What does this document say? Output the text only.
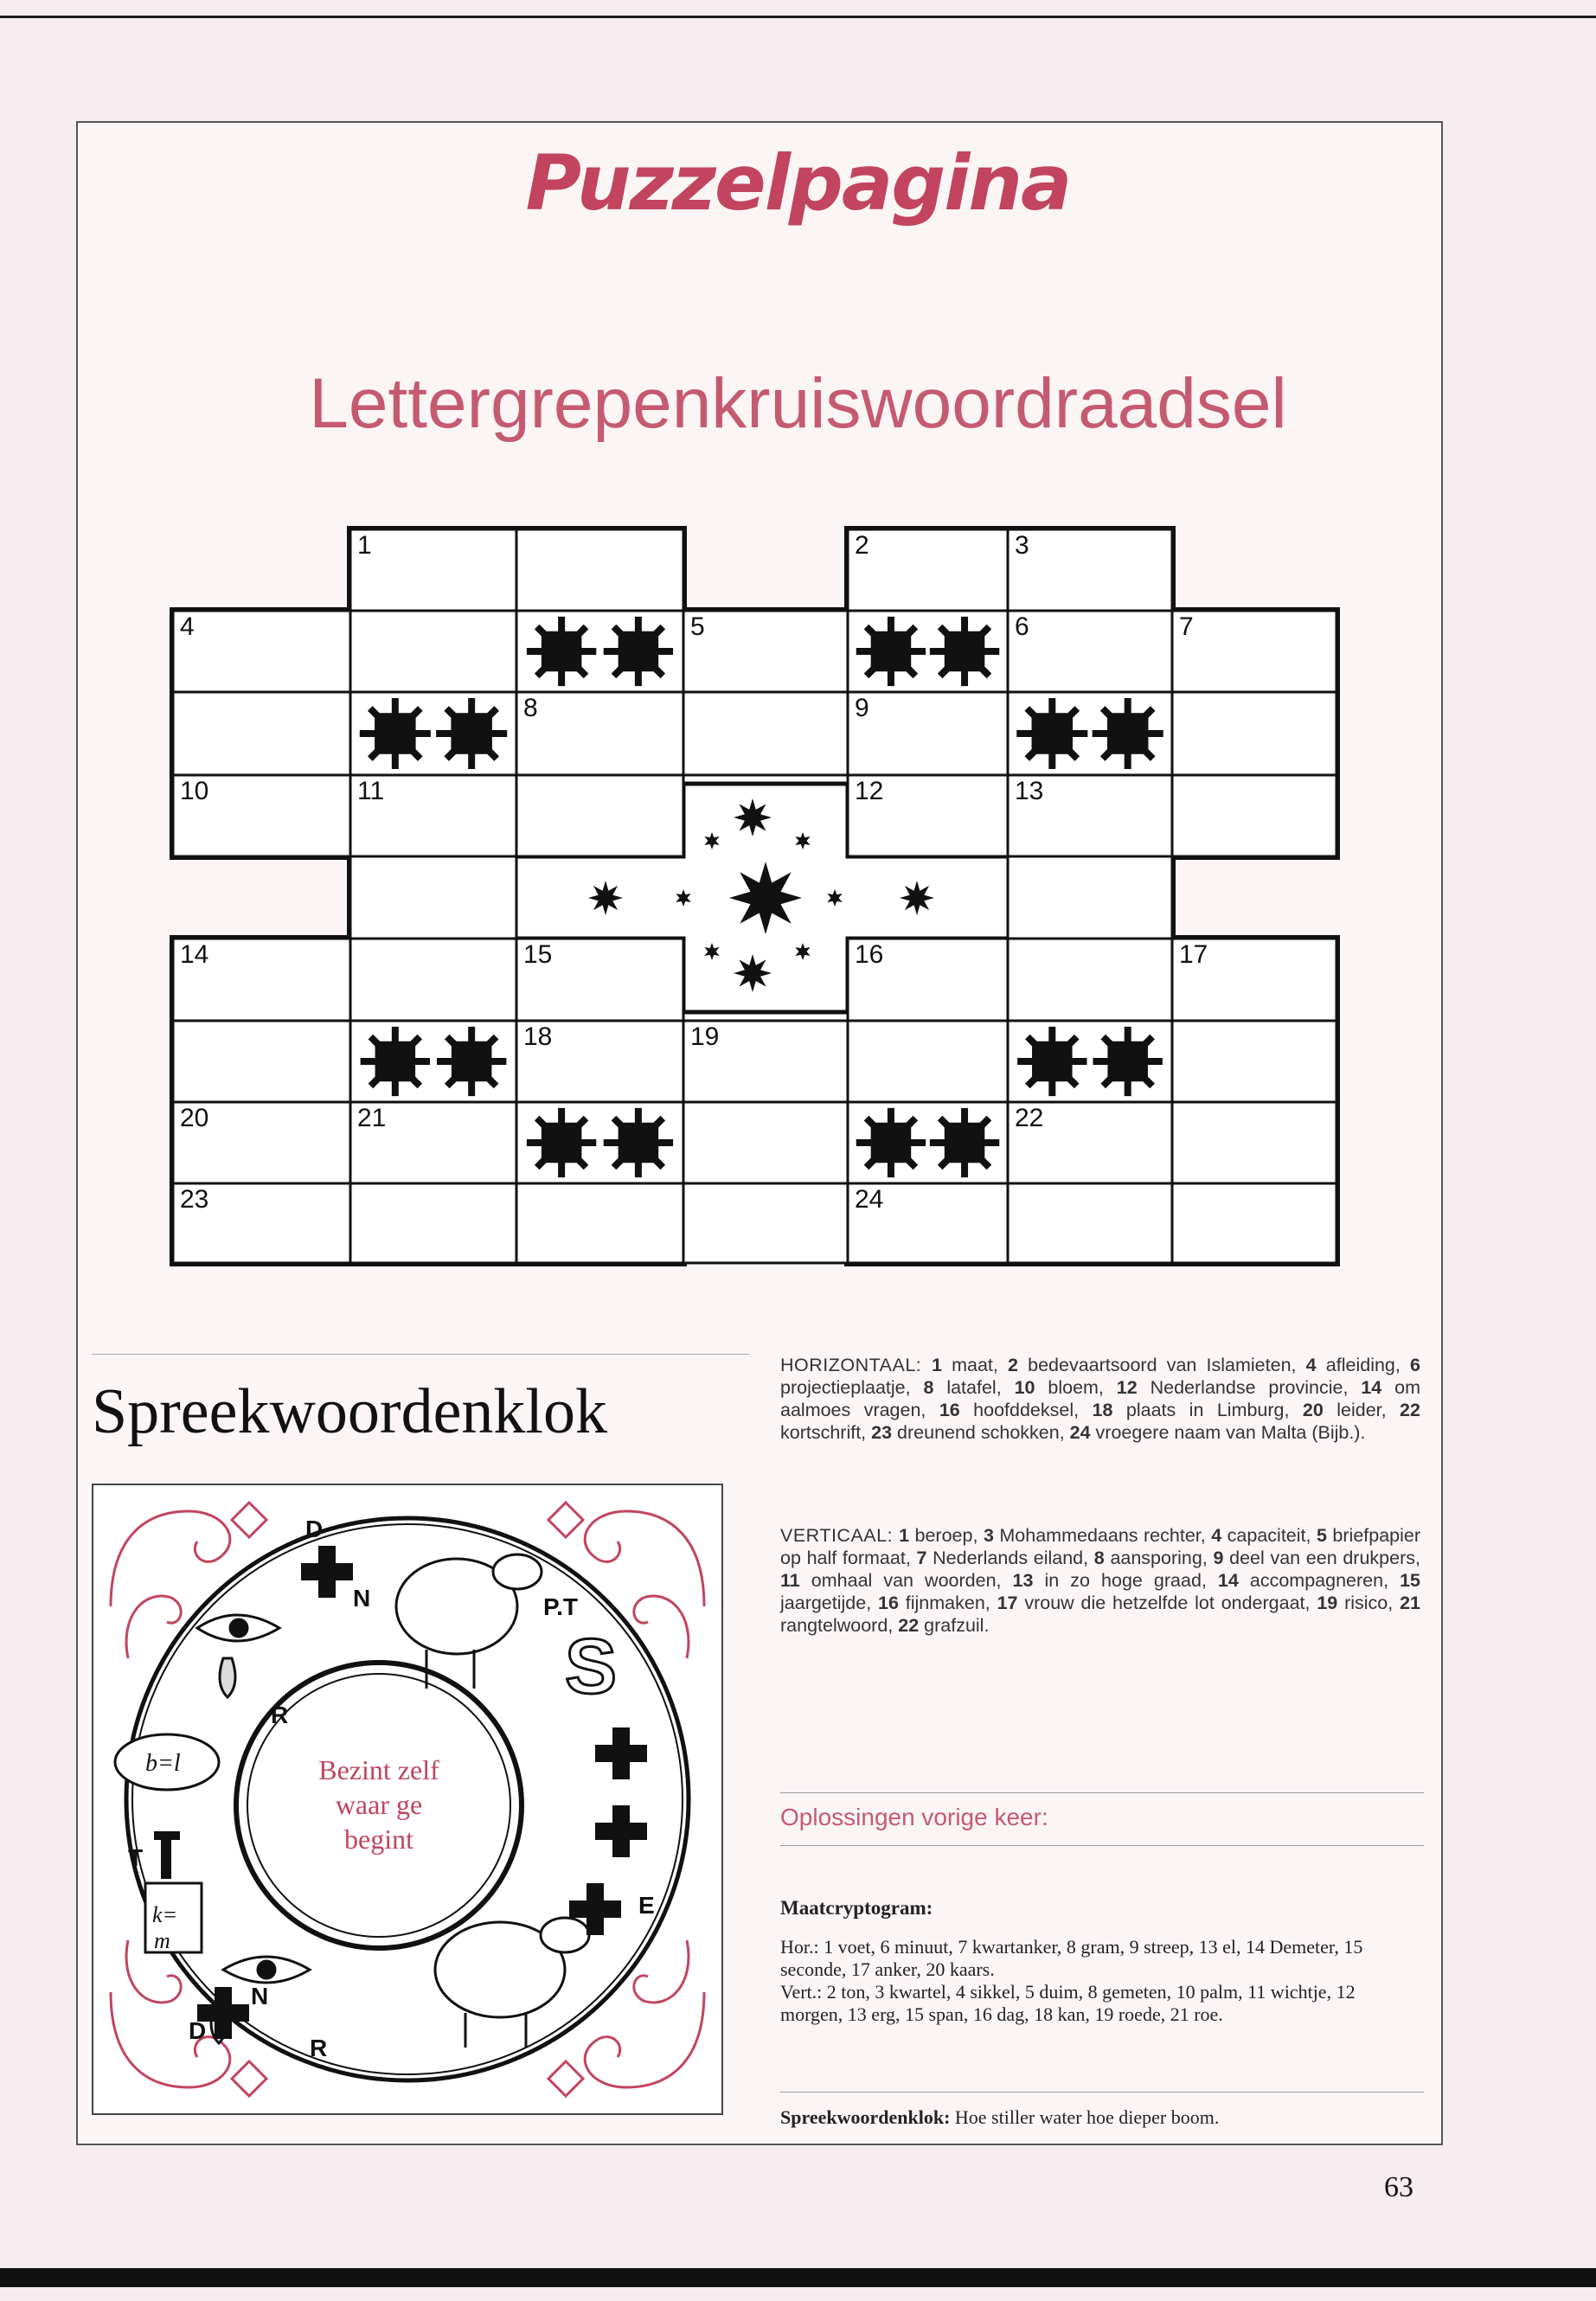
Puzzelpagina
Lettergrepenkruiswoordraadsel
1	2	3
4	5	6	7
8	9
10	11	12	13
14	15	16	17
18	19
20	21	22
23	24
Spreekwoordenklok
Bezint zelf
waar ge
begint
b=l
k=
m
S
D
N
R
P.T
E
N
D
R
T

HORIZONTAAL: 1 maat, 2 bedevaartsoord van Islamieten, 4 afleiding, 6 projectieplaatje, 8 latafel, 10 bloem, 12 Nederlandse provincie, 14 om aalmoes vragen, 16 hoofddeksel, 18 plaats in Limburg, 20 leider, 22 kortschrift, 23 dreunend schokken, 24 vroegere naam van Malta (Bijb.).

VERTICAAL: 1 beroep, 3 Mohammedaans rechter, 4 capaciteit, 5 briefpapier op half formaat, 7 Nederlands eiland, 8 aansporing, 9 deel van een drukpers, 11 omhaal van woorden, 13 in zo hoge graad, 14 accompagneren, 15 jaargetijde, 16 fijnmaken, 17 vrouw die hetzelfde lot ondergaat, 19 risico, 21 rangtelwoord, 22 grafzuil.

Oplossingen vorige keer:
Maatcryptogram:

Hor.: 1 voet, 6 minuut, 7 kwartanker, 8 gram, 9 streep, 13 el, 14 Demeter, 15 seconde, 17 anker, 20 kaars.

Vert.: 2 ton, 3 kwartel, 4 sikkel, 5 duim, 8 gemeten, 10 palm, 11 wichtje, 12 morgen, 13 erg, 15 span, 16 dag, 18 kan, 19 roede, 21 roe.

Spreekwoordenklok: Hoe stiller water hoe dieper boom.
63
